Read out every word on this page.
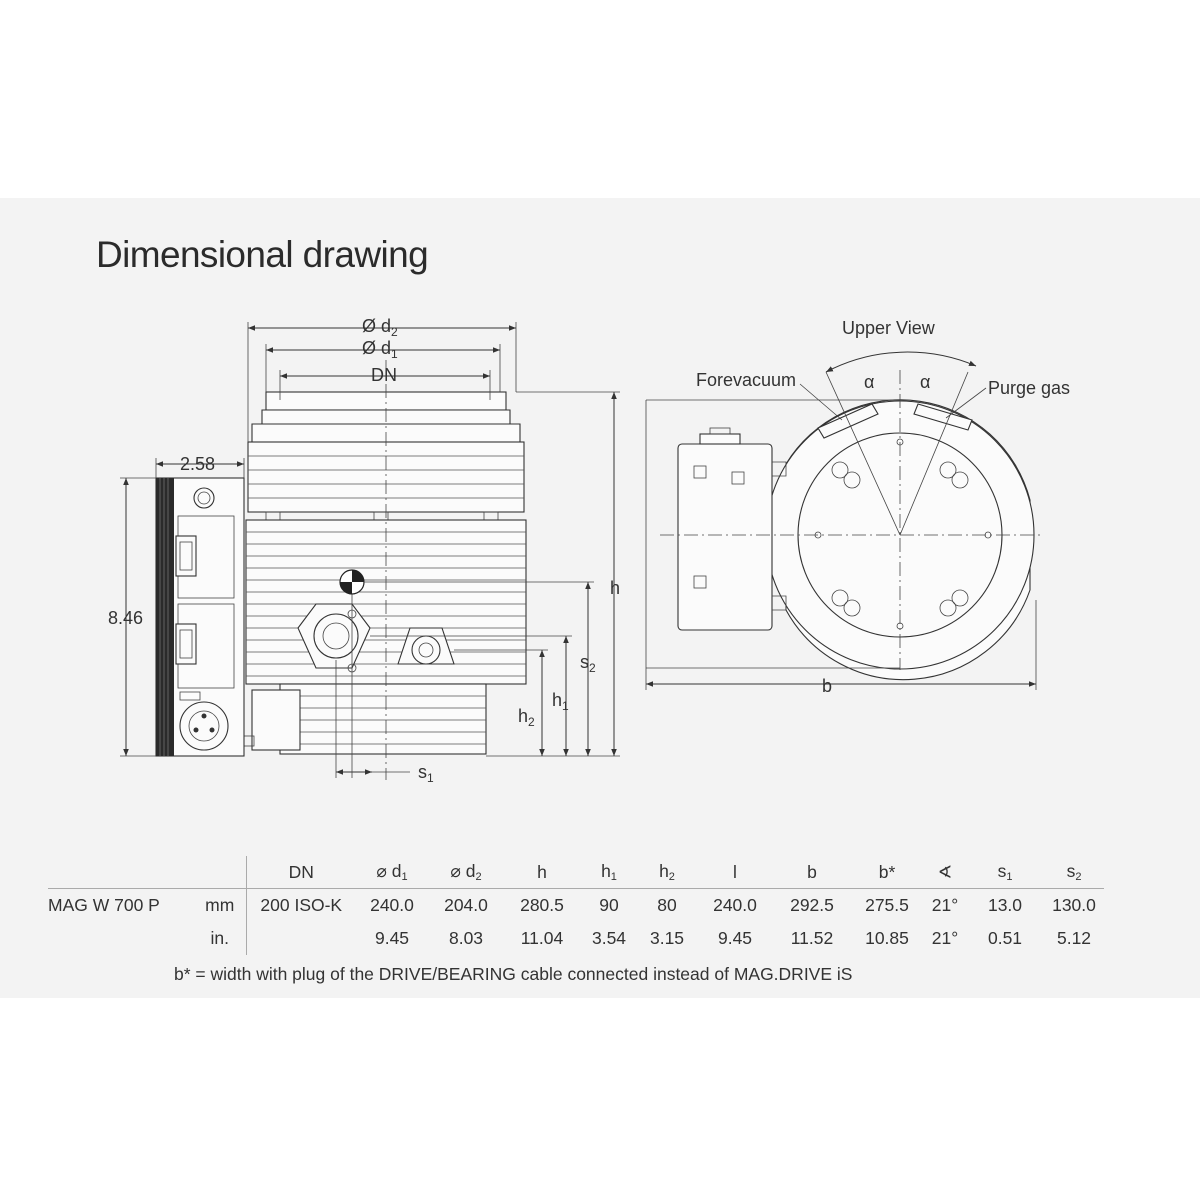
Dimensional drawing
Ø $d_2$
Ø $d_1$
DN
2.58
8.46
h
$s_2$
$h_1$
$h_2$
$s_1$
Upper View
Forevacuum	Purge gas
α	α
b
		DN	⌀ $d_1$	⌀ $d_2$	h	$h_1$	$h_2$	l	b	b*	∢	$s_1$	$s_2$
MAG W 700 P	mm	200 ISO-K	240.0	204.0	280.5	90	80	240.0	292.5	275.5	21°	13.0	130.0
	in.		9.45	8.03	11.04	3.54	3.15	9.45	11.52	10.85	21°	0.51	5.12
b* = width with plug of the DRIVE/BEARING cable connected instead of MAG.DRIVE iS
